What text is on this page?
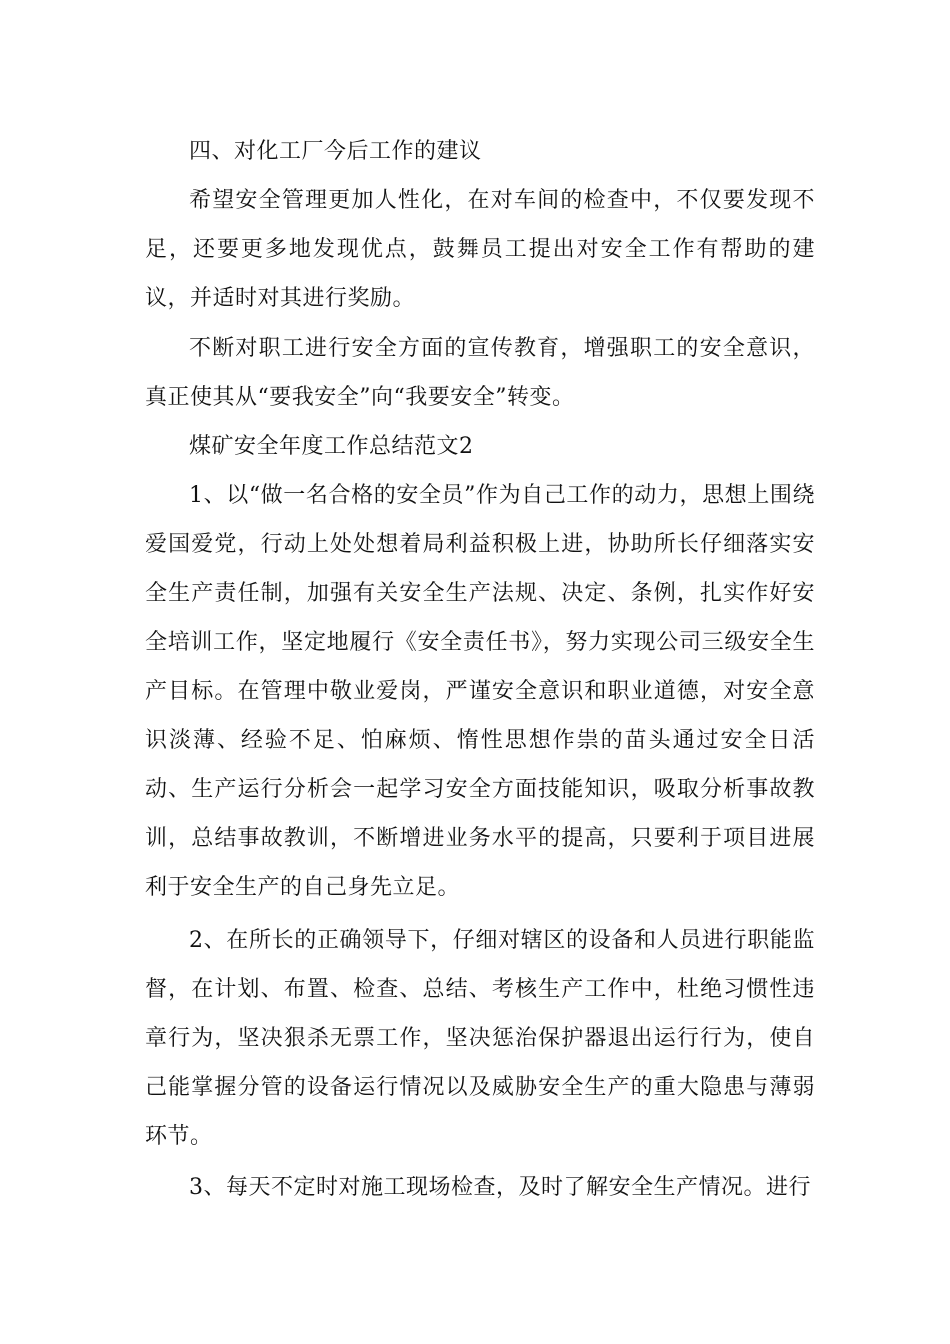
四、对化工厂今后工作的建议

希望安全管理更加人性化，在对车间的检查中，不仅要发现不足，还要更多地发现优点，鼓舞员工提出对安全工作有帮助的建议，并适时对其进行奖励。

不断对职工进行安全方面的宣传教育，增强职工的安全意识，真正使其从“要我安全”向“我要安全”转变。

煤矿安全年度工作总结范文2

1、以“做一名合格的安全员”作为自己工作的动力，思想上围绕爱国爱党，行动上处处想着局利益积极上进，协助所长仔细落实安全生产责任制，加强有关安全生产法规、决定、条例，扎实作好安全培训工作，坚定地履行《安全责任书》，努力实现公司三级安全生产目标。在管理中敬业爱岗，严谨安全意识和职业道德，对安全意识淡薄、经验不足、怕麻烦、惰性思想作祟的苗头通过安全日活动、生产运行分析会一起学习安全方面技能知识，吸取分析事故教训，总结事故教训，不断增进业务水平的提高，只要利于项目进展利于安全生产的自己身先立足。

2、在所长的正确领导下，仔细对辖区的设备和人员进行职能监督，在计划、布置、检查、总结、考核生产工作中，杜绝习惯性违章行为，坚决狠杀无票工作，坚决惩治保护器退出运行行为，使自己能掌握分管的设备运行情况以及威胁安全生产的重大隐患与薄弱环节。

3、每天不定时对施工现场检查，及时了解安全生产情况。进行
